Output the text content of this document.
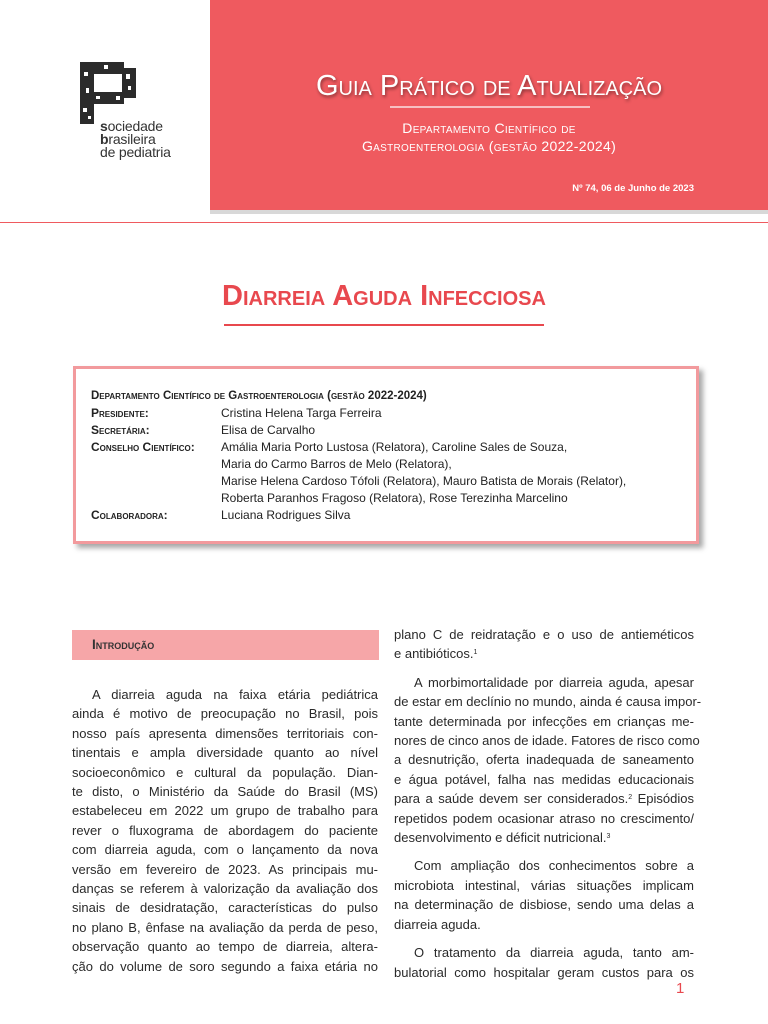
sociedade
brasileira
de pediatria
Guia Prático de Atualização
Departamento Científico de
Gastroenterologia (gestão 2022-2024)
Nº 74, 06 de Junho de 2023
Diarreia Aguda Infecciosa
Departamento Científico de Gastroenterologia (gestão 2022-2024)
Presidente:	Cristina Helena Targa Ferreira
Secretária:	Elisa de Carvalho
Conselho Científico: Amália Maria Porto Lustosa (Relatora), Caroline Sales de Souza,
Maria do Carmo Barros de Melo (Relatora),
Marise Helena Cardoso Tófoli (Relatora), Mauro Batista de Morais (Relator),
Roberta Paranhos Fragoso (Relatora), Rose Terezinha Marcelino
Colaboradora:	Luciana Rodrigues Silva
Introdução
A diarreia aguda na faixa etária pediátrica
ainda é motivo de preocupação no Brasil, pois
nosso país apresenta dimensões territoriais con-
tinentais e ampla diversidade quanto ao nível
socioeconômico e cultural da população. Dian-
te disto, o Ministério da Saúde do Brasil (MS)
estabeleceu em 2022 um grupo de trabalho para
rever o fluxograma de abordagem do paciente
com diarreia aguda, com o lançamento da nova
versão em fevereiro de 2023. As principais mu-
danças se referem à valorização da avaliação dos
sinais de desidratação, características do pulso
no plano B, ênfase na avaliação da perda de peso,
observação quanto ao tempo de diarreia, altera-
ção do volume de soro segundo a faixa etária no
plano C de reidratação e o uso de antieméticos
e antibióticos.$^1$
A morbimortalidade por diarreia aguda, apesar
de estar em declínio no mundo, ainda é causa impor-
tante determinada por infecções em crianças me-
nores de cinco anos de idade. Fatores de risco como
a desnutrição, oferta inadequada de saneamento
e água potável, falha nas medidas educacionais
para a saúde devem ser considerados.$^2$ Episódios
repetidos podem ocasionar atraso no crescimento/
desenvolvimento e déficit nutricional.$^3$
Com ampliação dos conhecimentos sobre a
microbiota intestinal, várias situações implicam
na determinação de disbiose, sendo uma delas a
diarreia aguda.
O tratamento da diarreia aguda, tanto am-
bulatorial como hospitalar geram custos para os
1
